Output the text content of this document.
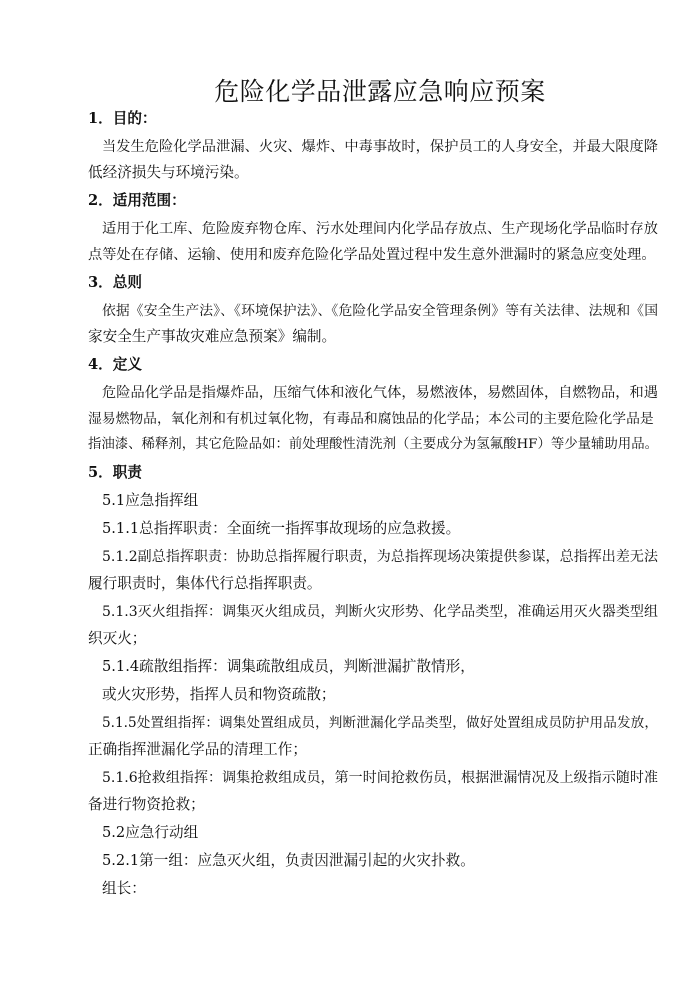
危险化学品泄露应急响应预案
1．目的：
当发生危险化学品泄漏、火灾、爆炸、中毒事故时，保护员工的人身安全，并最大限度降
低经济损失与环境污染。
2．适用范围：
适用于化工库、危险废弃物仓库、污水处理间内化学品存放点、生产现场化学品临时存放
点等处在存储、运输、使用和废弃危险化学品处置过程中发生意外泄漏时的紧急应变处理。
3．总则
依据《安全生产法》、《环境保护法》、《危险化学品安全管理条例》等有关法律、法规和《国
家安全生产事故灾难应急预案》编制。
4．定义
危险品化学品是指爆炸品，压缩气体和液化气体，易燃液体，易燃固体，自燃物品，和遇
湿易燃物品，氧化剂和有机过氧化物，有毒品和腐蚀品的化学品；本公司的主要危险化学品是
指油漆、稀释剂，其它危险品如：前处理酸性清洗剂（主要成分为氢氟酸HF）等少量辅助用品。
5．职责
5.1应急指挥组
5.1.1总指挥职责：全面统一指挥事故现场的应急救援。
5.1.2副总指挥职责：协助总指挥履行职责，为总指挥现场决策提供参谋，总指挥出差无法
履行职责时，集体代行总指挥职责。
5.1.3灭火组指挥：调集灭火组成员，判断火灾形势、化学品类型，准确运用灭火器类型组
织灭火；
5.1.4疏散组指挥：调集疏散组成员，判断泄漏扩散情形，
或火灾形势，指挥人员和物资疏散；
5.1.5处置组指挥：调集处置组成员，判断泄漏化学品类型，做好处置组成员防护用品发放，
正确指挥泄漏化学品的清理工作；
5.1.6抢救组指挥：调集抢救组成员，第一时间抢救伤员，根据泄漏情况及上级指示随时准
备进行物资抢救；
5.2应急行动组
5.2.1第一组：应急灭火组，负责因泄漏引起的火灾扑救。
组长：
